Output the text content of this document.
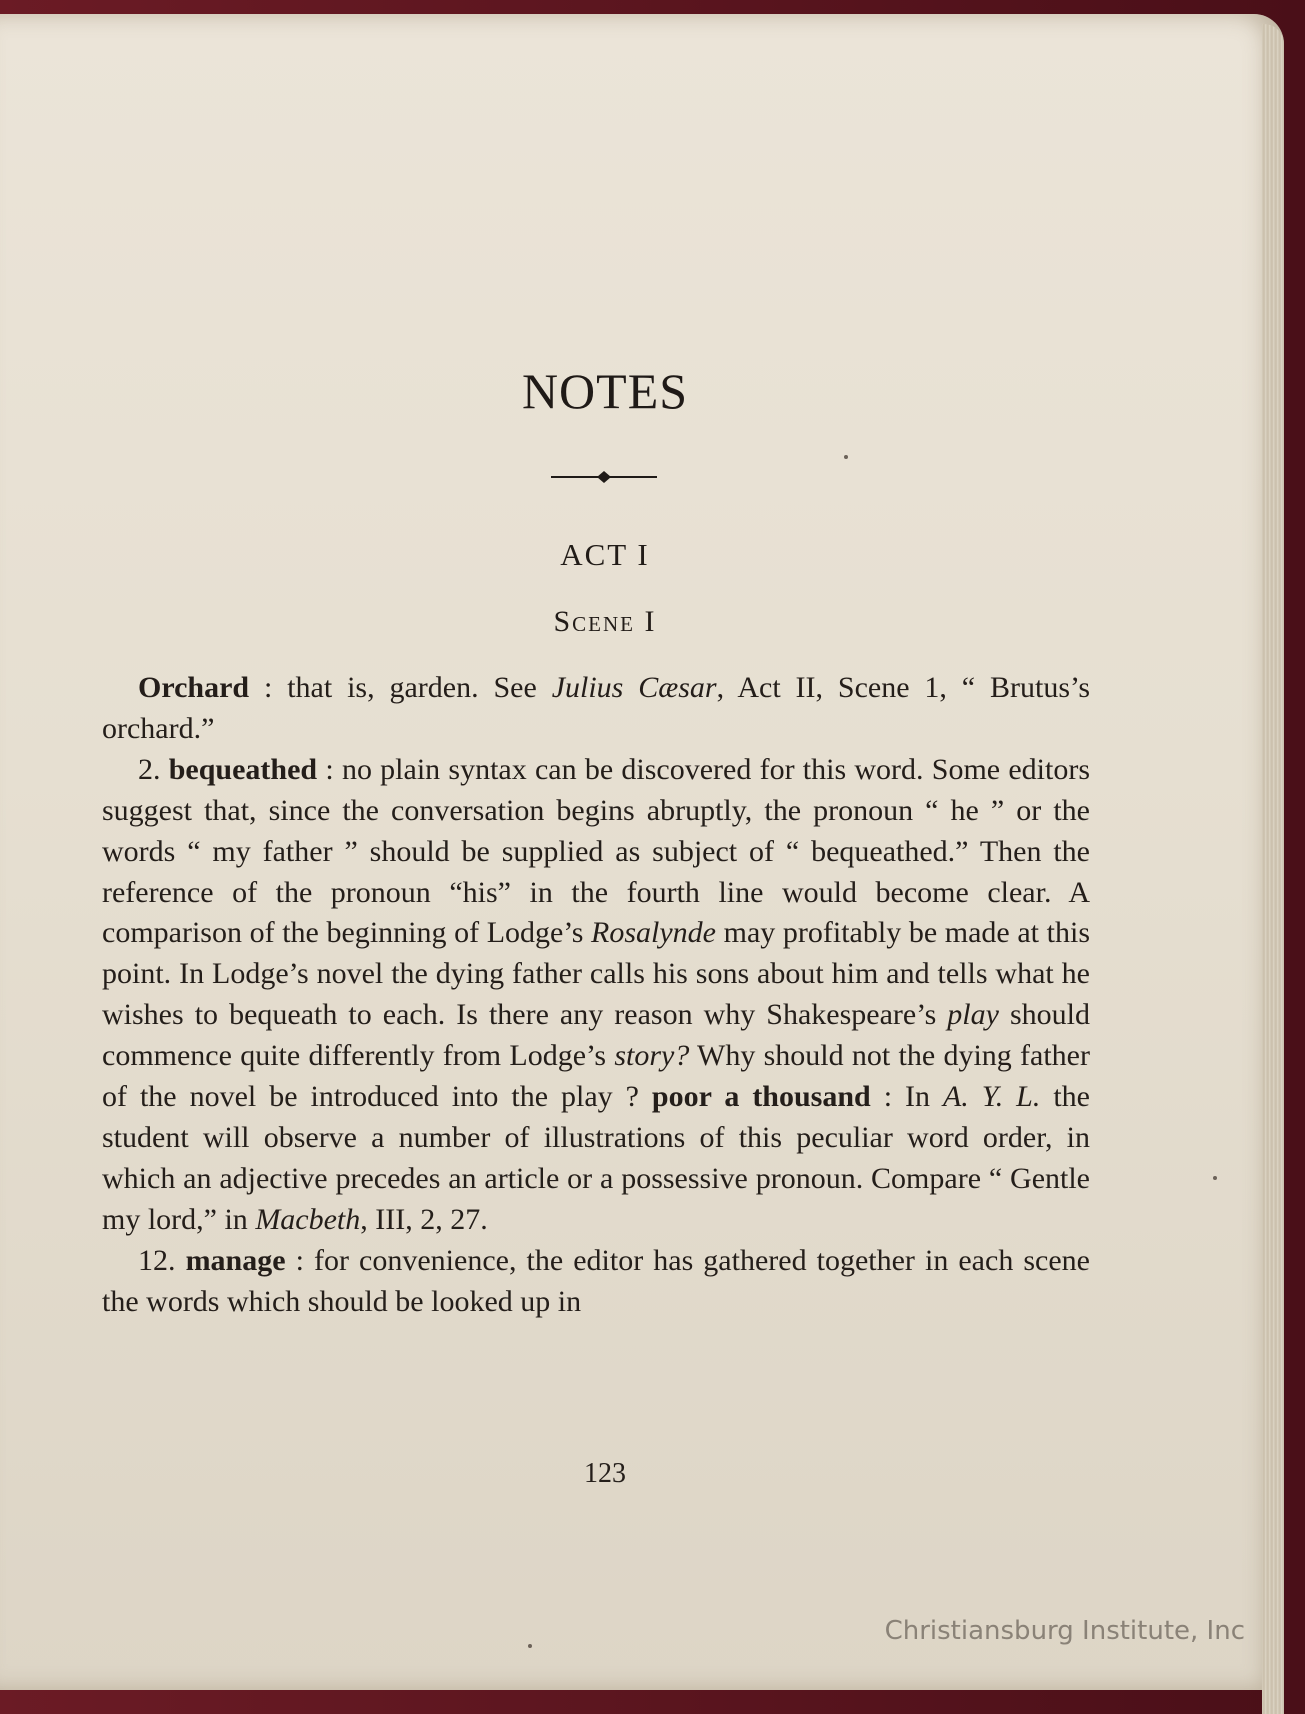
NOTES
ACT I
Scene I

Orchard : that is, garden. See Julius Cæsar, Act II, Scene 1, “ Brutus’s orchard.”

2. bequeathed : no plain syntax can be discovered for this word. Some editors suggest that, since the conversation begins abruptly, the pronoun “ he ” or the words “ my father ” should be supplied as subject of “ bequeathed.” Then the reference of the pronoun “his” in the fourth line would become clear. A comparison of the beginning of Lodge’s Rosalynde may profitably be made at this point. In Lodge’s novel the dying father calls his sons about him and tells what he wishes to bequeath to each. Is there any reason why Shakespeare’s play should commence quite differently from Lodge’s story? Why should not the dying father of the novel be introduced into the play ? poor a thousand : In A. Y. L. the student will observe a number of illustrations of this peculiar word order, in which an adjective precedes an article or a possessive pronoun. Compare “ Gentle my lord,” in Macbeth, III, 2, 27.

12. manage : for convenience, the editor has gathered together in each scene the words which should be looked up in

123
Christiansburg Institute, Inc
